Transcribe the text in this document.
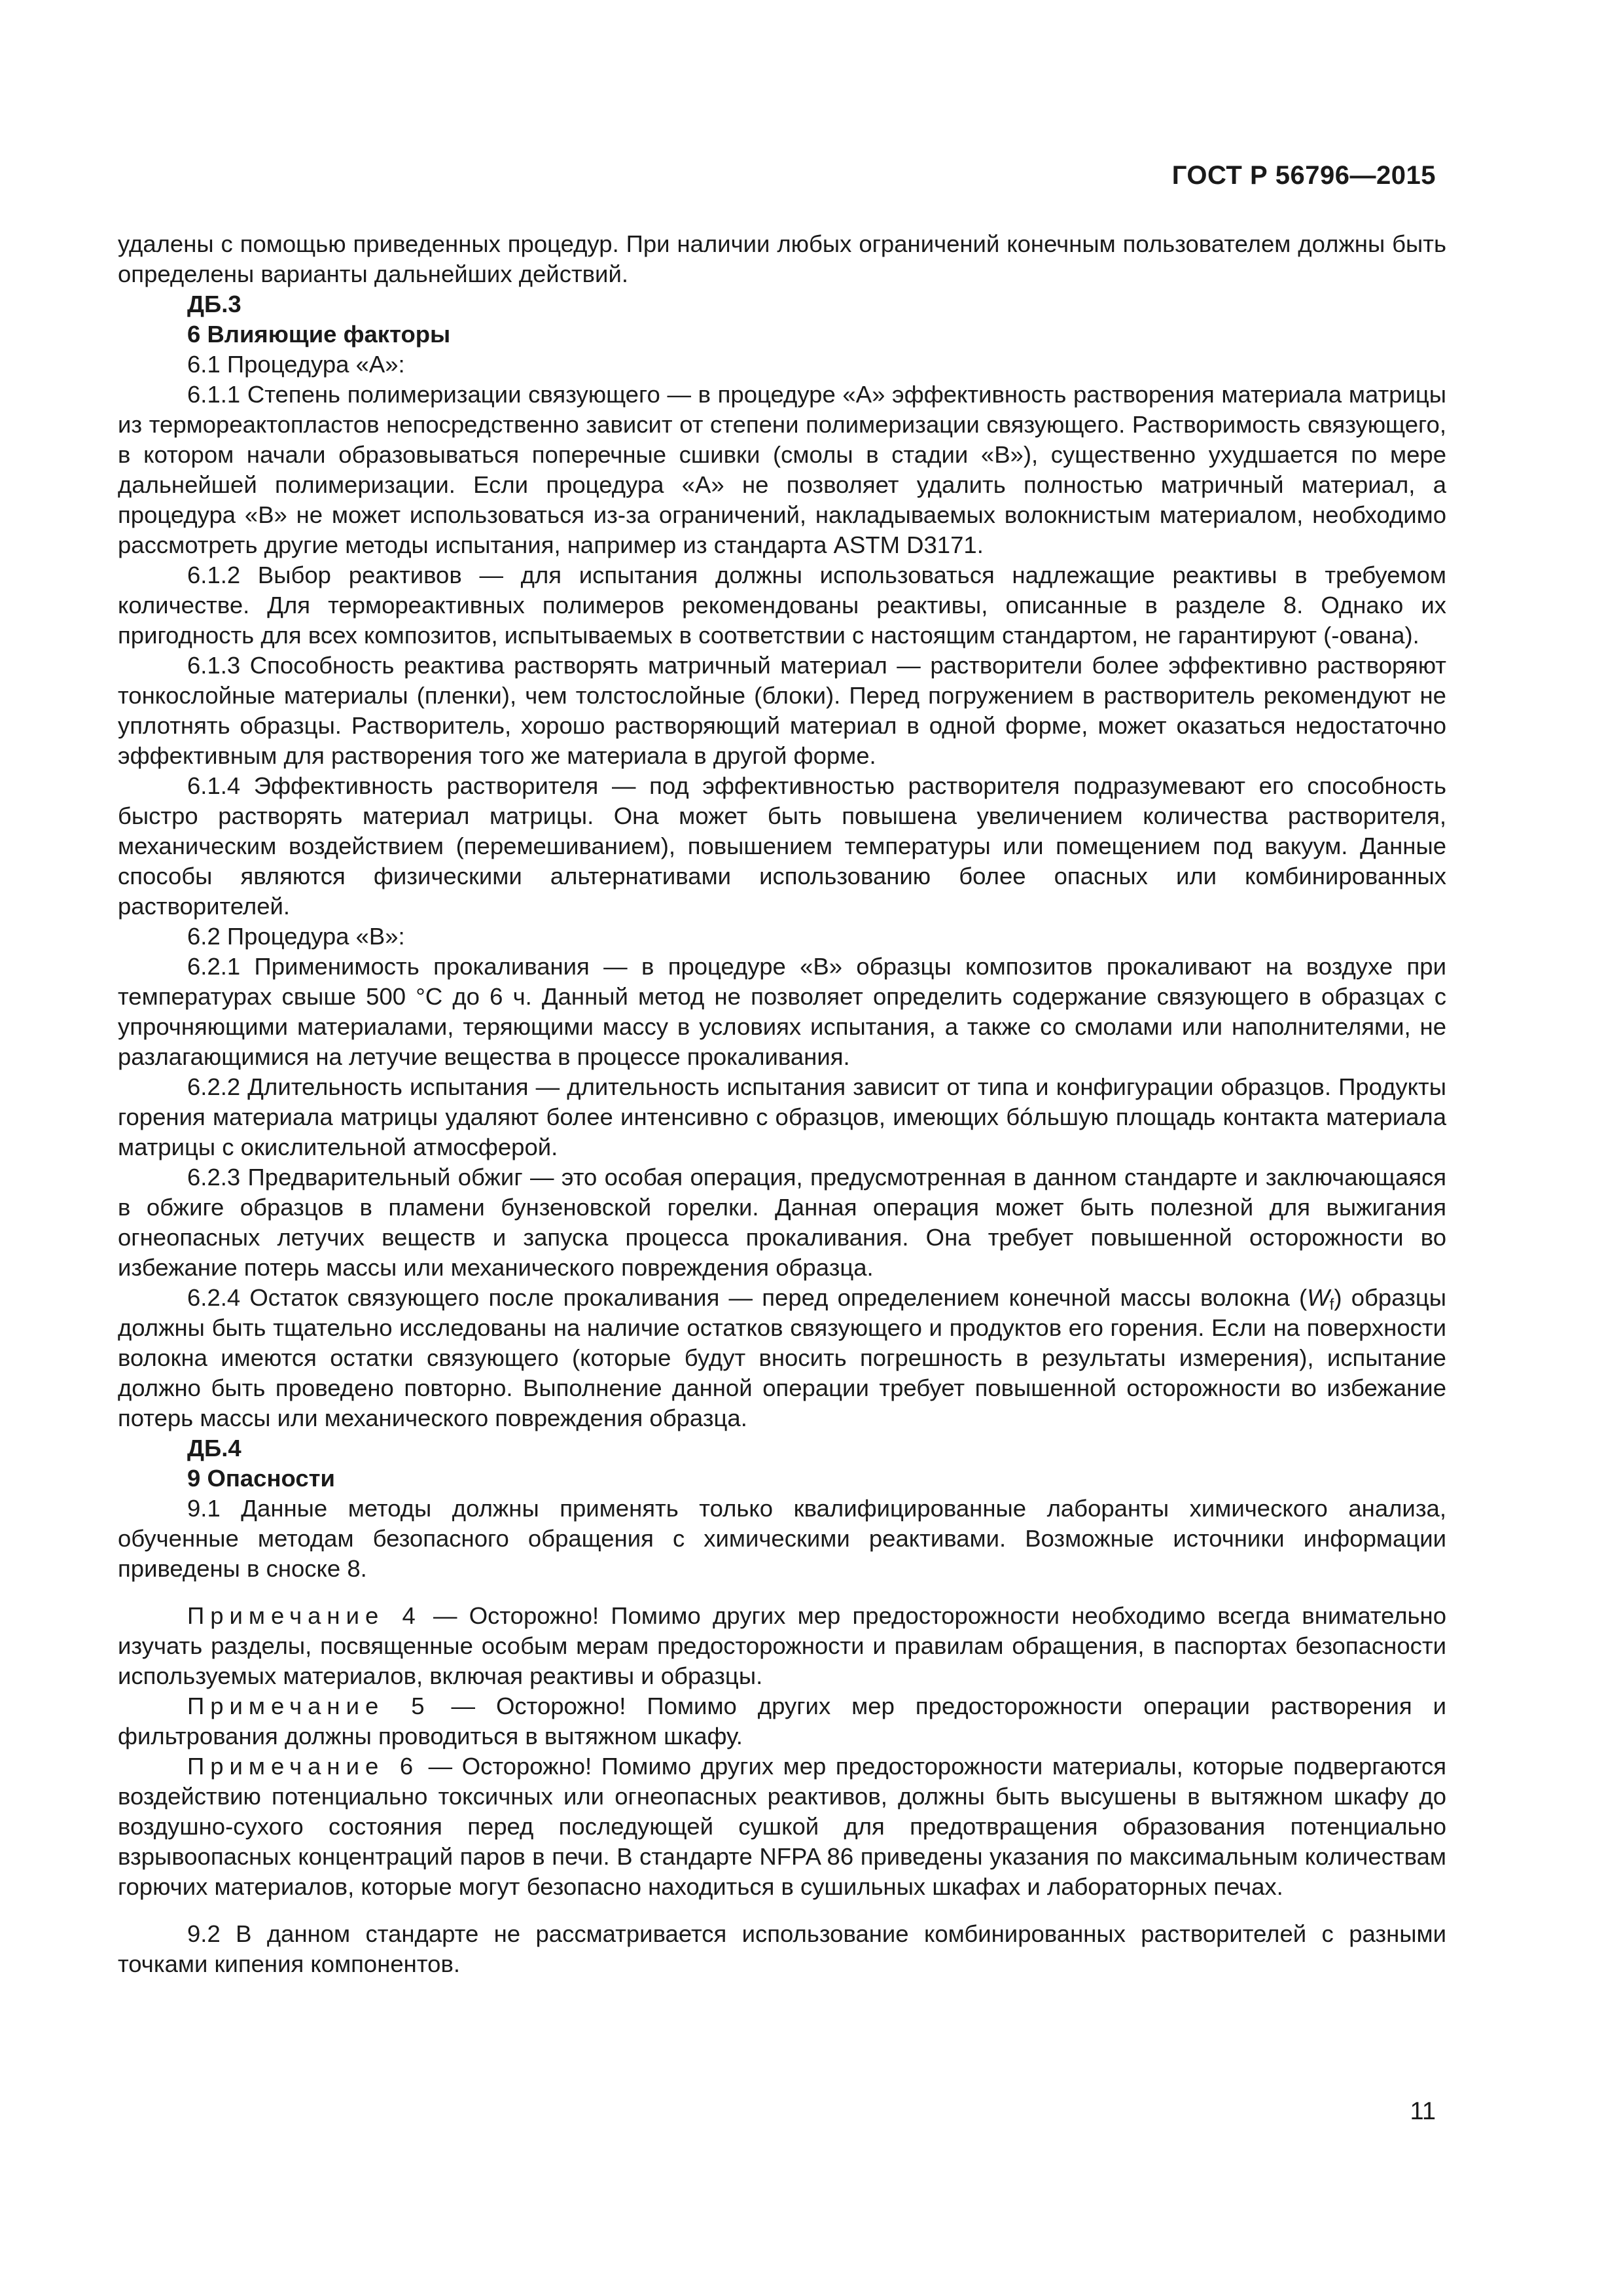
ГОСТ Р 56796—2015

удалены с помощью приведенных процедур. При наличии любых ограничений конечным пользователем должны быть определены варианты дальнейших действий.

ДБ.3

6 Влияющие факторы

6.1 Процедура «А»:

6.1.1 Степень полимеризации связующего — в процедуре «А» эффективность растворения материала матрицы из термореактопластов непосредственно зависит от степени полимеризации связующего. Растворимость связующего, в котором начали образовываться поперечные сшивки (смолы в стадии «В»), существенно ухудшается по мере дальнейшей полимеризации. Если процедура «А» не позволяет удалить полностью матричный материал, а процедура «В» не может использоваться из-за ограничений, накладываемых волокнистым материалом, необходимо рассмотреть другие методы испытания, например из стандарта ASTM D3171.

6.1.2 Выбор реактивов — для испытания должны использоваться надлежащие реактивы в требуемом количестве. Для термореактивных полимеров рекомендованы реактивы, описанные в разделе 8. Однако их пригодность для всех композитов, испытываемых в соответствии с настоящим стандартом, не гарантируют (-ована).

6.1.3 Способность реактива растворять матричный материал — растворители более эффективно растворяют тонкослойные материалы (пленки), чем толстослойные (блоки). Перед погружением в растворитель рекомендуют не уплотнять образцы. Растворитель, хорошо растворяющий материал в одной форме, может оказаться недостаточно эффективным для растворения того же материала в другой форме.

6.1.4 Эффективность растворителя — под эффективностью растворителя подразумевают его способность быстро растворять материал матрицы. Она может быть повышена увеличением количества растворителя, механическим воздействием (перемешиванием), повышением температуры или помещением под вакуум. Данные способы являются физическими альтернативами использованию более опасных или комбинированных растворителей.

6.2 Процедура «В»:

6.2.1 Применимость прокаливания — в процедуре «В» образцы композитов прокаливают на воздухе при температурах свыше 500 °С до 6 ч. Данный метод не позволяет определить содержание связующего в образцах с упрочняющими материалами, теряющими массу в условиях испытания, а также со смолами или наполнителями, не разлагающимися на летучие вещества в процессе прокаливания.

6.2.2 Длительность испытания — длительность испытания зависит от типа и конфигурации образцов. Продукты горения материала матрицы удаляют более интенсивно с образцов, имеющих бóльшую площадь контакта материала матрицы с окислительной атмосферой.

6.2.3 Предварительный обжиг — это особая операция, предусмотренная в данном стандарте и заключающаяся в обжиге образцов в пламени бунзеновской горелки. Данная операция может быть полезной для выжигания огнеопасных летучих веществ и запуска процесса прокаливания. Она требует повышенной осторожности во избежание потерь массы или механического повреждения образца.

6.2.4 Остаток связующего после прокаливания — перед определением конечной массы волокна $(W_f)$ образцы должны быть тщательно исследованы на наличие остатков связующего и продуктов его горения. Если на поверхности волокна имеются остатки связующего (которые будут вносить погрешность в результаты измерения), испытание должно быть проведено повторно. Выполнение данной операции требует повышенной осторожности во избежание потерь массы или механического повреждения образца.

ДБ.4

9 Опасности

9.1 Данные методы должны применять только квалифицированные лаборанты химического анализа, обученные методам безопасного обращения с химическими реактивами. Возможные источники информации приведены в сноске 8.

Примечание 4 — Осторожно! Помимо других мер предосторожности необходимо всегда внимательно изучать разделы, посвященные особым мерам предосторожности и правилам обращения, в паспортах безопасности используемых материалов, включая реактивы и образцы.

Примечание 5 — Осторожно! Помимо других мер предосторожности операции растворения и фильтрования должны проводиться в вытяжном шкафу.

Примечание 6 — Осторожно! Помимо других мер предосторожности материалы, которые подвергаются воздействию потенциально токсичных или огнеопасных реактивов, должны быть высушены в вытяжном шкафу до воздушно-сухого состояния перед последующей сушкой для предотвращения образования потенциально взрывоопасных концентраций паров в печи. В стандарте NFPA 86 приведены указания по максимальным количествам горючих материалов, которые могут безопасно находиться в сушильных шкафах и лабораторных печах.

9.2 В данном стандарте не рассматривается использование комбинированных растворителей с разными точками кипения компонентов.

11
